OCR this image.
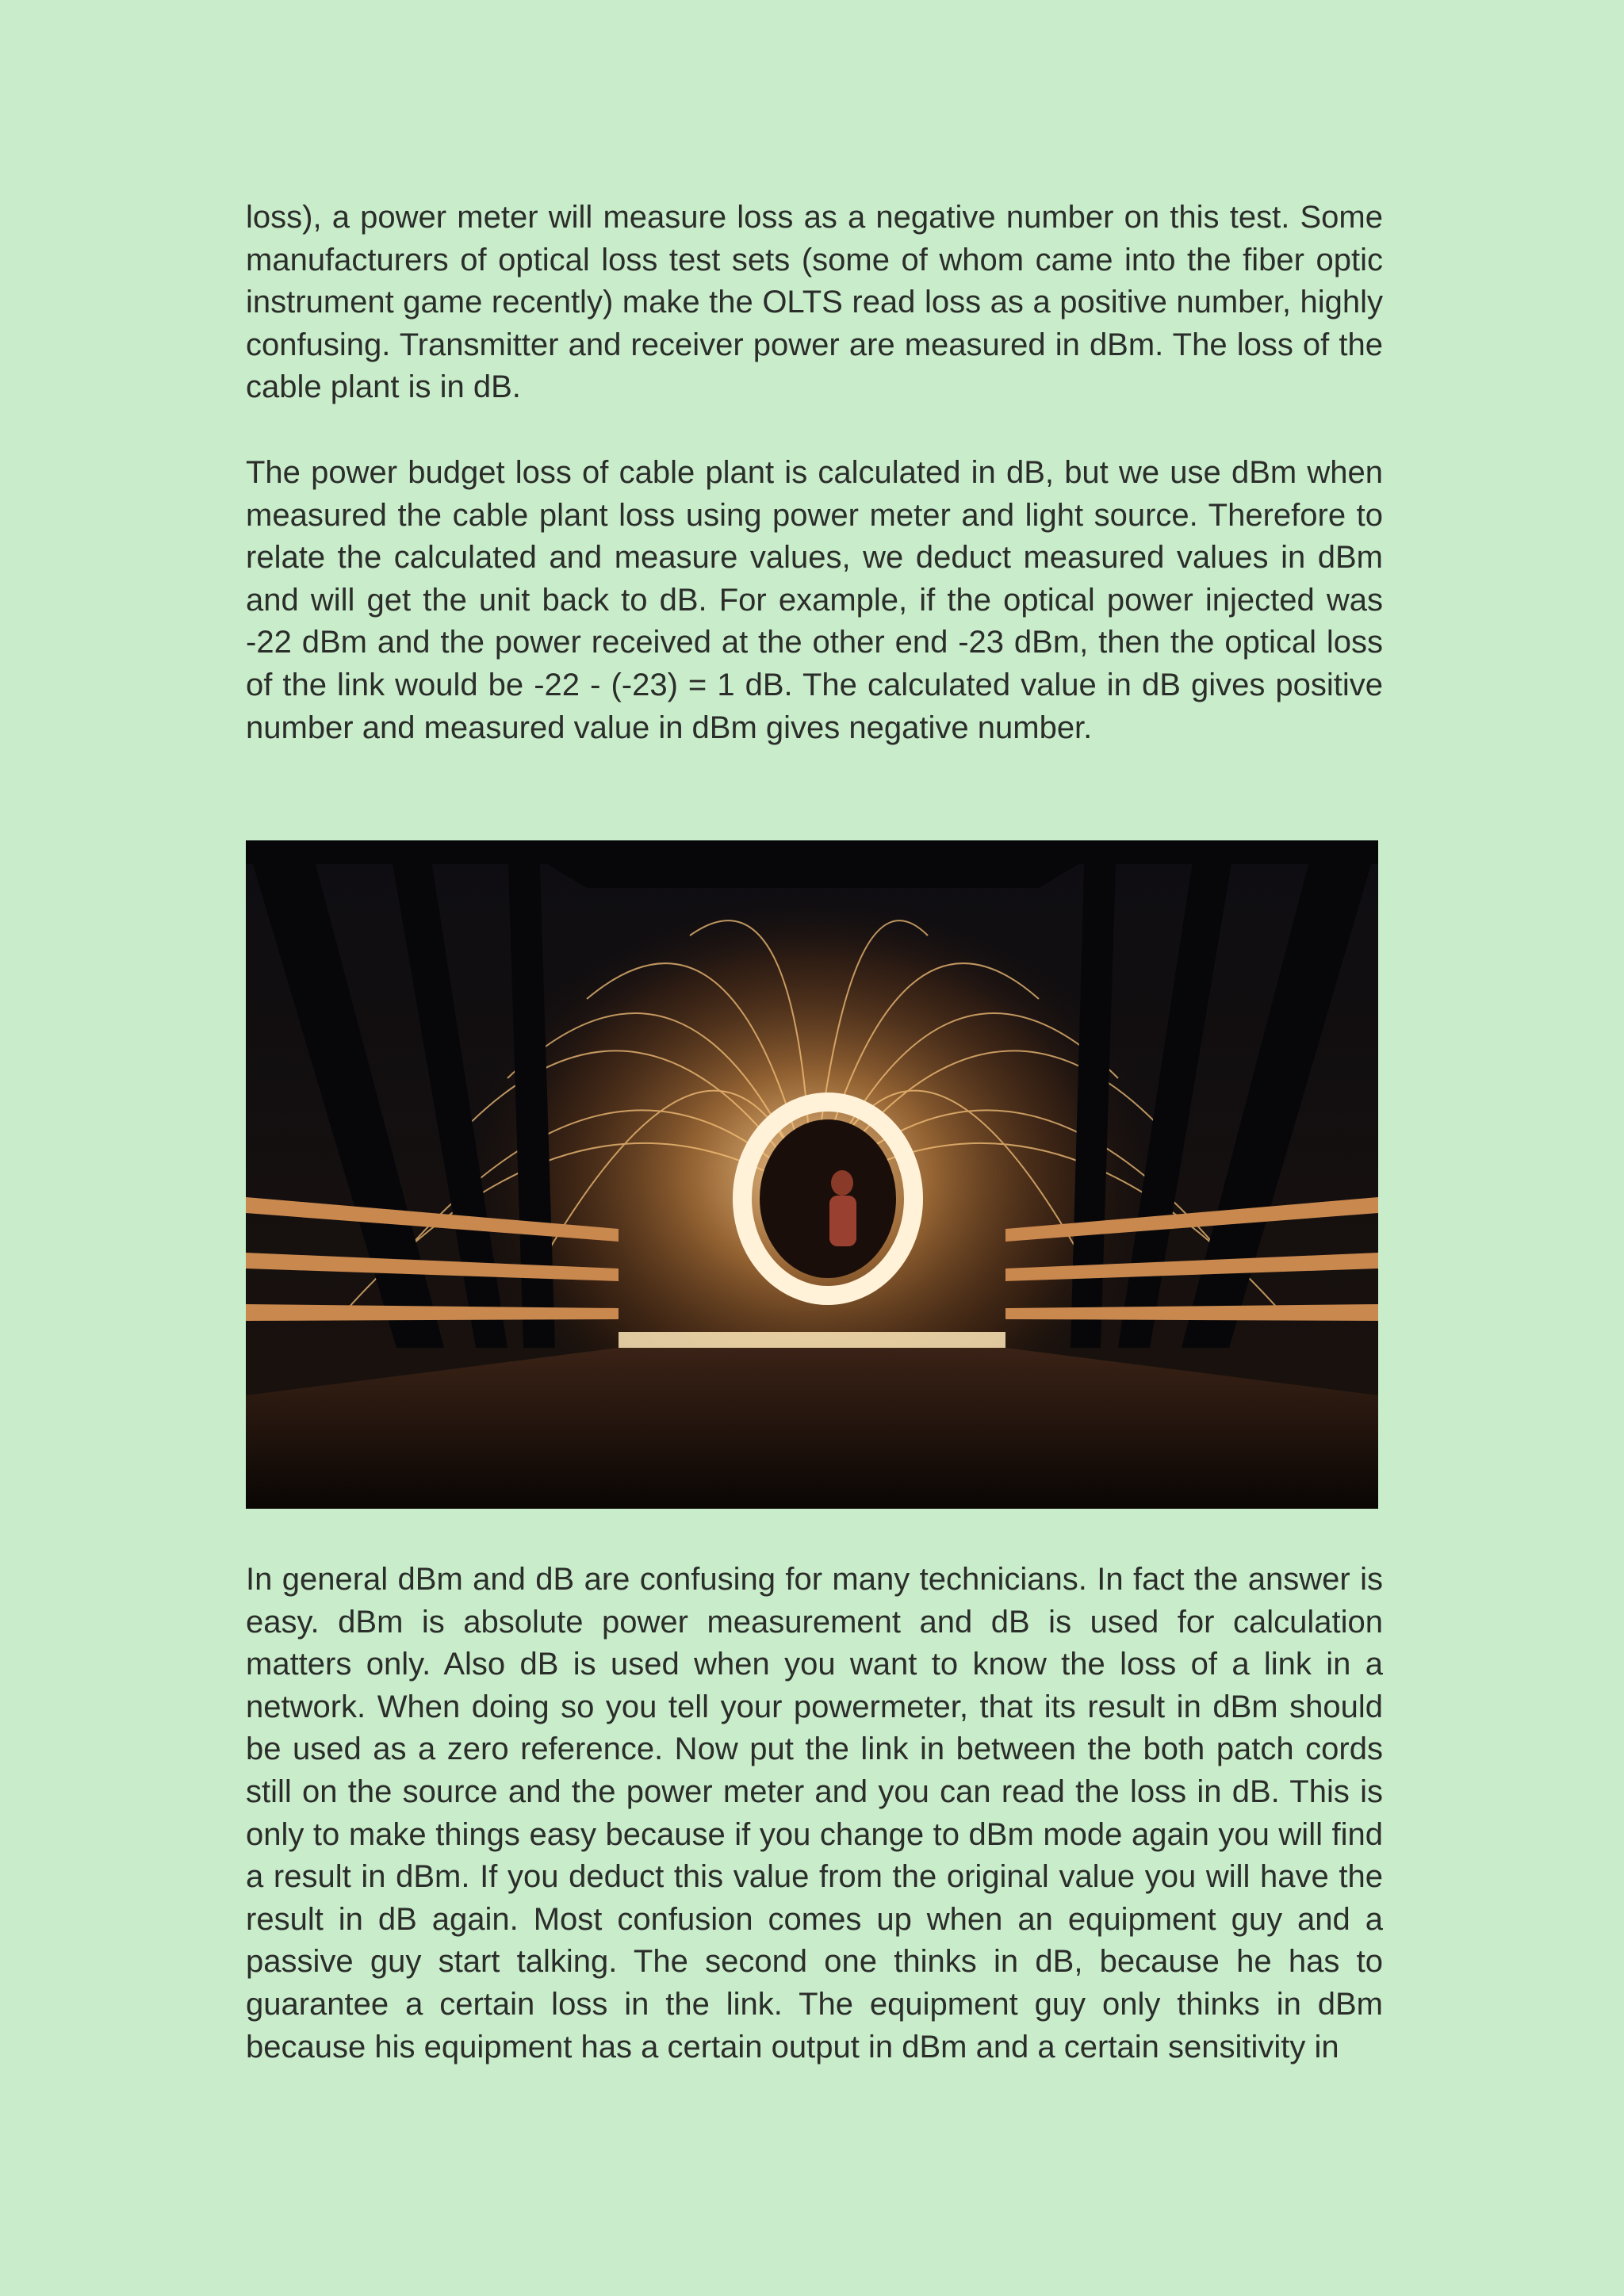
loss), a power meter will measure loss as a negative number on this test. Some manufacturers of optical loss test sets (some of whom came into the fiber optic instrument game recently) make the OLTS read loss as a positive number, highly confusing. Transmitter and receiver power are measured in dBm. The loss of the cable plant is in dB.

The power budget loss of cable plant is calculated in dB, but we use dBm when measured the cable plant loss using power meter and light source. Therefore to relate the calculated and measure values, we deduct measured values in dBm and will get the unit back to dB. For example, if the optical power injected was -22 dBm and the power received at the other end -23 dBm, then the optical loss of the link would be -22 - (-23) = 1 dB. The calculated value in dB gives positive number and measured value in dBm gives negative number.

In general dBm and dB are confusing for many technicians. In fact the answer is easy. dBm is absolute power measurement and dB is used for calculation matters only. Also dB is used when you want to know the loss of a link in a network. When doing so you tell your powermeter, that its result in dBm should be used as a zero reference. Now put the link in between the both patch cords still on the source and the power meter and you can read the loss in dB. This is only to make things easy because if you change to dBm mode again you will find a result in dBm. If you deduct this value from the original value you will have the result in dB again. Most confusion comes up when an equipment guy and a passive guy start talking. The second one thinks in dB, because he has to guarantee a certain loss in the link. The equipment guy only thinks in dBm because his equipment has a certain output in dBm and a certain sensitivity in
